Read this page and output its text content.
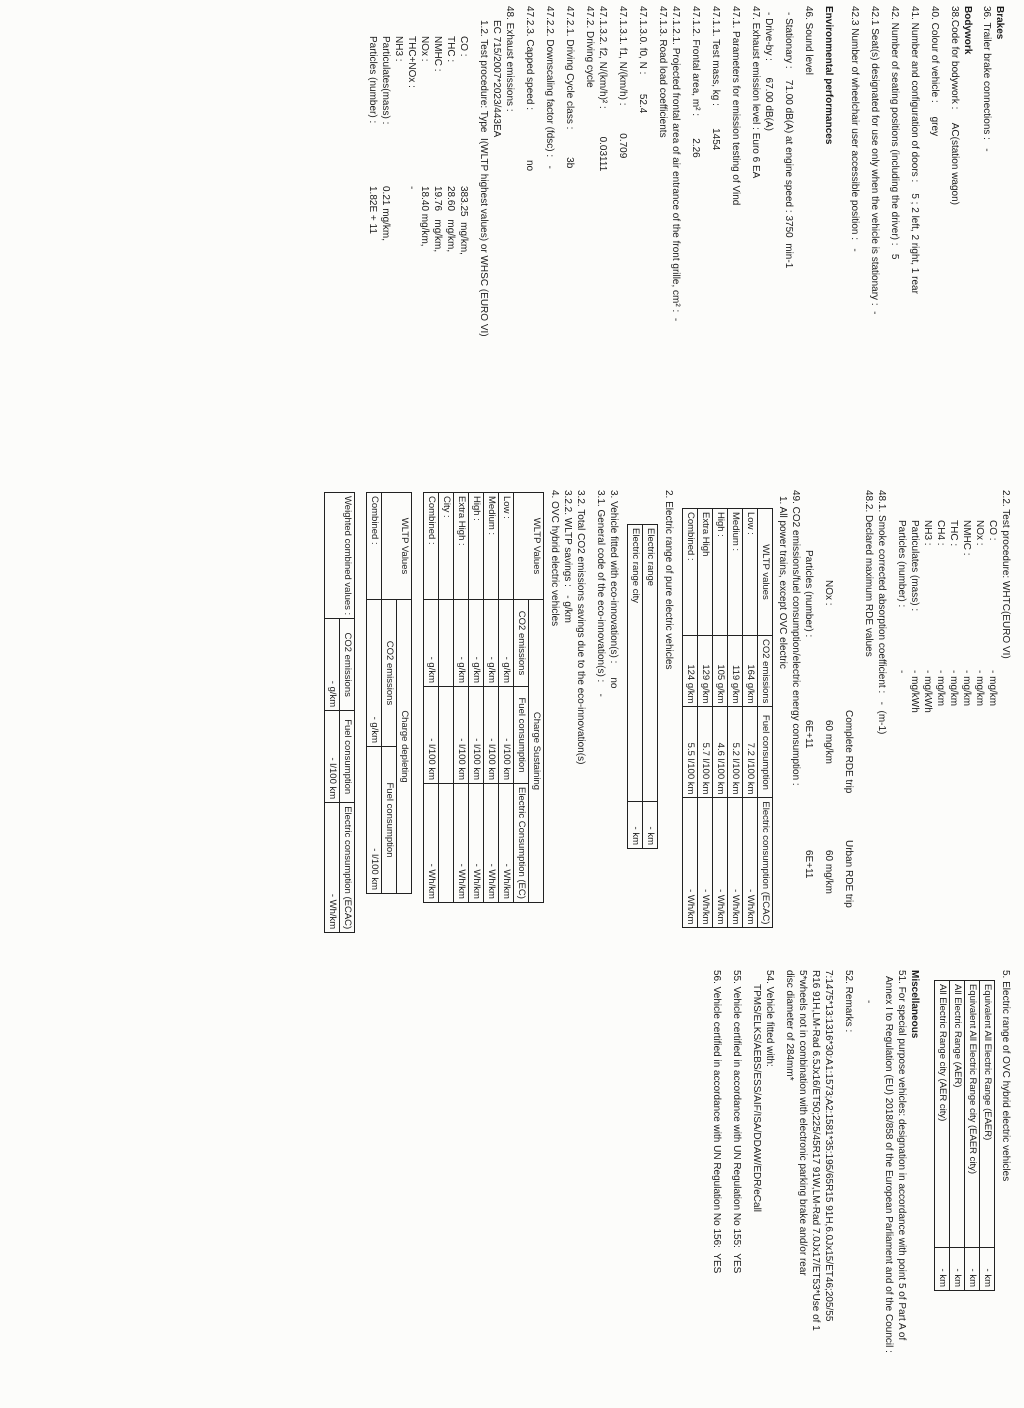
Brakes
36. Trailer brake connections :   -
Bodywork
38.Code for bodywork :     AC(station wagon)
40. Colour of vehicle :     grey
41. Number and configuration of doors :    5 ; 2 left, 2 right, 1 rear
42. Number of seating positions (including the driver) :   5
42.1 Seat(s) designated for use only when the vehicle is stationary :  -
42.3 Number of wheelchair user accessible position :   -
Environmental performances
46. Sound level
- Stationary :    71.00 dB(A) at engine speed : 3750  min-1
- Drive-by :      67.00 dB(A)
47. Exhaust emission level : Euro 6 EA
47.1. Parameters for emission testing of Vind
47.1.1. Test mass, kg :        1454
47.1.2. Frontal area, m² :        2.26
47.1.2.1. Projected frontal area of air entrance of the front grille, cm² :  -
47.1.3. Road load coefficients
47.1.3.0. f0, N :       52.4
47.1.3.1. f1, N/(km/h) :          0.709
47.1.3.2. f2, N/(km/h)² :          0.03111
47.2. Driving cycle
47.2.1. Driving Cycle class :          3b
47.2.2. Downscaling factor (fdsc) :   -
47.2.3. Capped speed :                  no
48. Exhaust emissions :
EC 715/2007*2023/443EA
1.2. Test procedure: Type  I(WLTP highest values) or WHSC (EURO VI)
CO :
383.25  mg/km,
THC :
28.60   mg/km,
NMHC :
19.76   mg/km,
NOx :
18.40 mg/km,
THC+NOx :
-
NH3 :
Particulates(mass) :
0.21 mg/km,
Particles (number) :
1.82E + 11
2.2. Test procedure: WHTC(EURO VI)
CO :
- mg/km
NOx :
- mg/km
NMHC :
- mg/km
THC :
- mg/km
CH4 :
- mg/km
NH3 :
- mg/kWh
Particulates (mass) :
- mg/kWh
Particles (number) :
-
48.1. Smoke corrected absorption coefficient :   -  (m-1)
48.2. Declared maximum RDE values
Complete RDE trip
Urban RDE trip
NOx :
60 mg/km
60 mg/km
Particles (number) :
6E+11
6E+11
49. CO2 emissions/fuel consumption/electric energy consumption :
1. All power trains, except OVC electric
WLTP values	CO2 emissions	Fuel consumption	Electric consumption (ECAC)
Low :	164 g/km	7.2 l/100 km	- Wh/km
Medium :	119 g/km	5.2 l/100 km	- Wh/km
High :	105 g/km	4.6 l/100 km	- Wh/km
Extra High	129 g/km	5.7 l/100 km	- Wh/km
Combined :	124 g/km	5.5 l/100 km	- Wh/km
2. Electric range of pure electric vehicles
Electric range	- km
Electric range city	- km
3. Vehicle fitted with eco-innovation(s) :     no
3.1. General code of the eco-innovation(s) :    -
3.2. Total CO2 emissions savings due to the eco-innovation(s)
3.2.2. WLTP savings :   - g/km
4. OVC hybrid electric vehicles
WLTP Values	Charge Sustaining		
	CO2 emissions	Fuel consumption	Electric Consumption (EC)
Low :	- g/km	- l/100 km	- Wh/km
Medium :	- g/km	- l/100 km	- Wh/km
High :	- g/km	- l/100 km	- Wh/km
Extra High :	- g/km	- l/100 km	- Wh/km
City :			
Combined :	- g/km	- l/100 km	- Wh/km
WLTP Values	Charge depleting	
	CO2 emissions	Fuel consumption
Combined :	- g/km	- l/100 km
Weighted combined values :	CO2 emissions	Fuel consumption	Electric consumption (ECAC)
	- g/km	- l/100 km	- Wh/km
5. Electric range of OVC hybrid electric vehicles
Equivalent All Electric Range (EAER)	- km
Equivalent All Electric Range city (EAER city)	- km
All Electric Range (AER)	- km
All Electric Range city (AER city)	- km
Miscellaneous
51. For special purpose vehicles: designation in accordance with point 5 of Part A of
Annex I to Regulation (EU) 2018/858 of the European Parliament and of the Council :
-
52. Remarks :
7:1475*13:1316*30:A1:1573;A2:1581*35:195/65R15 91H,6.0Jx15/ET46;205/55
R16 91H,LM-Rad 6.5Jx16/ET50;225/45R17 91W,LM-Rad 7.0Jx17/ET53*Use of 1
5*wheels not in combination with electronic parking brake and/or rear
disc diameter of 284mm*
54. Vehicle fitted with:
TPMS/ELKS/AEBS/ESS/AIF/ISA/DDAW/EDR/eCall
55. Vehicle certified in accordance with UN Regulation No 155:  YES
56. Vehicle certified in accordance with UN Regulation No 156:  YES
